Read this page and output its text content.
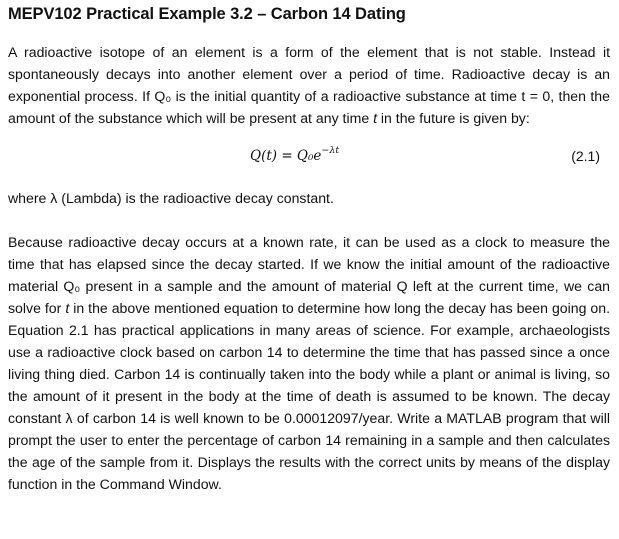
MEPV102 Practical Example 3.2 – Carbon 14 Dating

A radioactive isotope of an element is a form of the element that is not stable. Instead it spontaneously decays into another element over a period of time. Radioactive decay is an exponential process. If Q₀ is the initial quantity of a radioactive substance at time t = 0, then the amount of the substance which will be present at any time t in the future is given by:

$Q(t) = Q_0e^{-\lambda t}$	(2.1)

where λ (Lambda) is the radioactive decay constant.

Because radioactive decay occurs at a known rate, it can be used as a clock to measure the time that has elapsed since the decay started. If we know the initial amount of the radioactive material Q₀ present in a sample and the amount of material Q left at the current time, we can solve for t in the above mentioned equation to determine how long the decay has been going on. Equation 2.1 has practical applications in many areas of science. For example, archaeologists use a radioactive clock based on carbon 14 to determine the time that has passed since a once living thing died. Carbon 14 is continually taken into the body while a plant or animal is living, so the amount of it present in the body at the time of death is assumed to be known. The decay constant λ of carbon 14 is well known to be 0.00012097/year. Write a MATLAB program that will prompt the user to enter the percentage of carbon 14 remaining in a sample and then calculates the age of the sample from it. Displays the results with the correct units by means of the display function in the Command Window.
